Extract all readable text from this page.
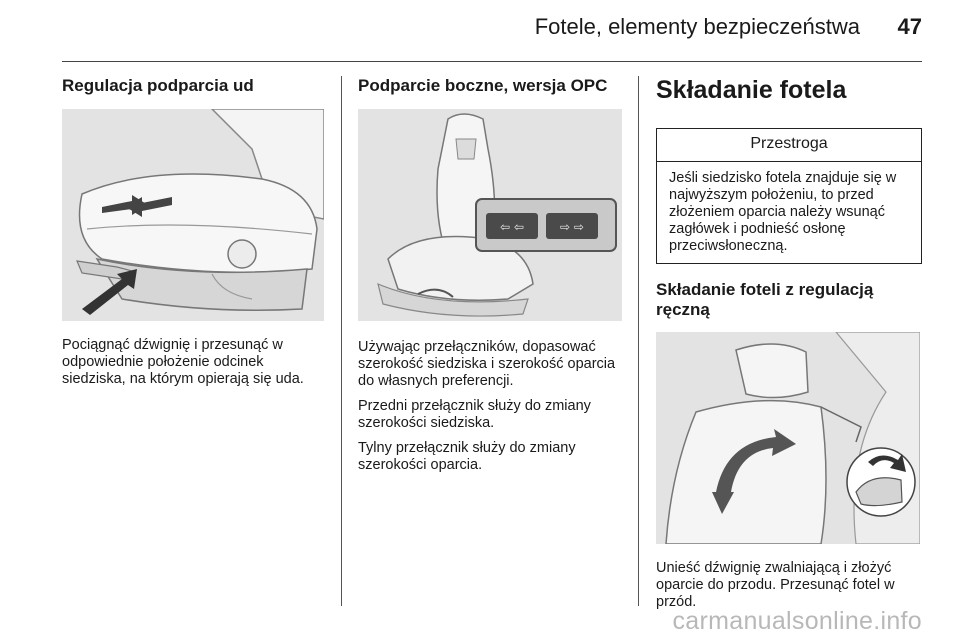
Fotele, elementy bezpieczeństwa 47
Regulacja podparcia ud

Pociągnąć dźwignię i przesunąć w odpowiednie położenie odcinek siedziska, na którym opierają się uda.

Podparcie boczne, wersja OPC
⇦ ⇦	⇨ ⇨

Używając przełączników, dopasować szerokość siedziska i szerokość oparcia do własnych preferencji.

Przedni przełącznik służy do zmiany szerokości siedziska.

Tylny przełącznik służy do zmiany szerokości oparcia.

Składanie fotela
Przestroga
Jeśli siedzisko fotela znajduje się w najwyższym położeniu, to przed złożeniem oparcia należy wsunąć zagłówek i podnieść osłonę przeciwsłoneczną.
Składanie foteli z regulacją ręczną

Unieść dźwignię zwalniającą i złożyć oparcie do przodu. Przesunąć fotel w przód.

carmanualsonline.info
